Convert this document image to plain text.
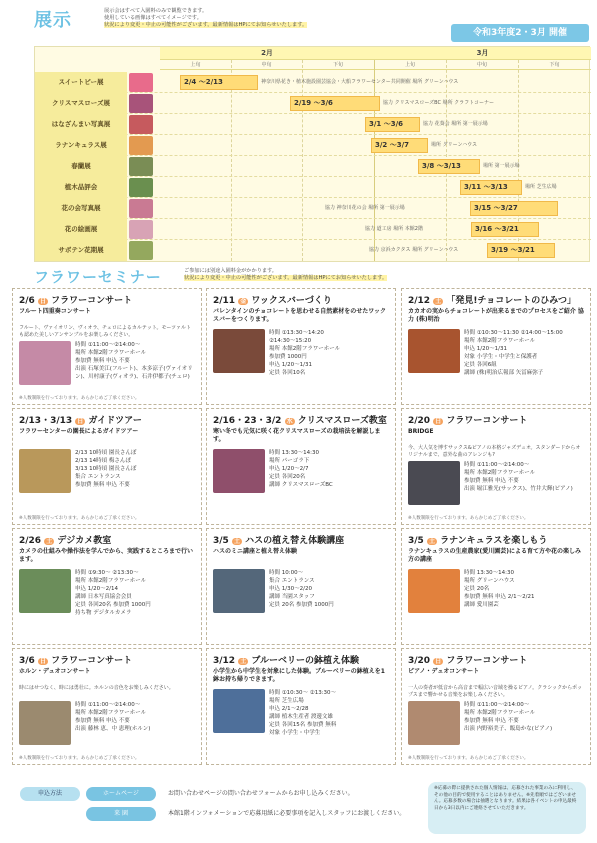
展示	展示会はすべて入園料のみで観覧できます。
使用している画像はすべてイメージです。
状況により変更・中止の可能性がございます。最新情報はHPにてお知らせいたします。
令和3年度2・3月 開催
2月	3月
上旬	中旬	下旬	上旬	中旬	下旬
スイートピー展	2/4 ～2/13	神奈川県花き・植木施設園芸協会・大船フラワーセンター共同開催 場所 グリーンハウス
クリスマスローズ展	2/19 ～3/6	協力 クリスマスローズBC 場所 クラフトコーナー
はなざんまい写真展	3/1 ～3/6	協力 花葵会 場所 第一展示場
ラナンキュラス展	3/2 ～3/7	場所 グリーンハウス
春蘭展	3/8 ～3/13	場所 第一展示場
植木品評会	3/11 ～3/13	場所 芝生広場
花の会写真展	協力 神奈川花の会 場所 第一展示場	3/15 ～3/27
花の絵画展	協力 道工房 場所 本館2階	3/16 ～3/21
サボテン花期展	協力 京浜カクタス 場所 グリーンハウス	3/19 ～3/21
フラワーセミナー	ご参加には別途入園料金がかかります。
状況により変更・中止の可能性がございます。最新情報はHPにてお知らせいたします。
2/6 日 フラワーコンサート
フルート四重奏コンサート
フルート、ヴァイオリン、ヴィオラ、チェロによるカルテット。モーツァルトも認めた美しいアンサンブルをお楽しみください。
時間 ①11:00～②14:00～
場所 本館2階フラワーホール
参加費 無料 申込 不要
出演 石塚美江(フルート)、本多涼子(ヴァイオリン)、川村康子(ヴィオラ)、石井伊都子(チェロ)
※人数制限を行っております。あらかじめご了承ください。
2/11 金 ワックスバーづくり
バレンタインのチョコレートを思わせる自然素材をのせたワックスバーをつくります。
時間 ①13:30～14:20
②14:30～15:20
場所 本館2階フラワーホール
参加費 1000円
申込 1/20～1/31
定員 各回10名
2/12 土 「発見!チョコレートのひみつ」
カカオの実からチョコレートが出来るまでのプロセスをご紹介 協力 (株)明治
時間 ①10:30～11:30 ②14:00～15:00
場所 本館2階フラワーホール
申込 1/20～1/31
対象 小学生・中学生と保護者
定員 各回6組
講師 (株)明治広報部 矢冨麻弥子
2/13・3/13 日 ガイドツアー
フラワーセンターの園長によるガイドツアー
2/13 10時頃 園長さんぽ
2/13 14時頃 梅さんぽ
3/13 10時頃 園長さんぽ
集合 エントランス
参加費 無料 申込 不要
※人数制限を行っております。あらかじめご了承ください。
2/16・23・3/2 水 クリスマスローズ教室
寒い冬でも元気に咲く花クリスマスローズの栽培法を解説します。
時間 13:30～14:30
場所 パーゴラ下
申込 1/20～2/7
定員 各回20名
講師 クリスマスローズBC
2/20 日 フラワーコンサート
BRIDGE
今、大人気を博すサックス&ピアノの本格ジャズデュオ。スタンダードからオリジナルまで、意外な曲のアレンジも?
時間 ①11:00～②14:00～
場所 本館2階フラワーホール
参加費 無料 申込 不要
出演 堀江雅光(サックス)、竹井大輝(ピアノ)
※人数制限を行っております。あらかじめご了承ください。
2/26 土 デジカメ教室
カメラの仕組みや操作法を学んでから、実践するところまで行います。
時間 ①9:30～ ②13:30～
場所 本館2階フラワーホール
申込 1/20～2/14
講師 日本写真協会会員
定員 各回20名 参加費 1000円
持ち物 デジタルカメラ
3/5 土 ハスの植え替え体験講座
ハスのミニ講座と植え替え体験
時間 10:00～
集合 エントランス
申込 1/30～2/20
講師 当園スタッフ
定員 20名 参加費 1000円
3/5 土 ラナンキュラスを楽しもう
ラナンキュラスの生産農家(愛川園芸)による育て方や花の楽しみ方の講座
時間 13:30～14:30
場所 グリーンハウス
定員 20名
参加費 無料 申込 2/1～2/21
講師 愛川園芸
3/6 日 フラワーコンサート
ホルン・デュオコンサート
時にはせつなく、時には勇壮に。ホルンの音色をお楽しみください。
時間 ①11:00～②14:00～
場所 本館2階フラワーホール
参加費 無料 申込 不要
出演 藤林 恵、中 恵理(ホルン)
※人数制限を行っております。あらかじめご了承ください。
3/12 土 ブルーベリーの鉢植え体験
小学生から中学生を対象にした体験。ブルーベリーの鉢植えを1鉢お持ち帰りできます。
時間 ①10:30～ ②13:30～
場所 芝生広場
申込 2/1～2/28
講師 植木生産者 渡邊文雄
定員 各回15名 参加費 無料
対象 小学生・中学生
3/20 日 フラワーコンサート
ピアノ・デュオコンサート
一人の奏者が低音から高音まで幅広い音域を操るピアノ。クラシックからポップスまで響かせる音楽をお楽しみください。
時間 ①11:00～②14:00～
場所 本館2階フラワーホール
参加費 無料 申込 不要
出演 内野裕美子、飯島かな(ピアノ)
※人数制限を行っております。あらかじめご了承ください。
申込方法	ホームページ	お問い合わせページの問い合わせフォームからお申し込みください。
来 園	本館1階インフォメーションで応募用紙に必要事項を記入しスタッフにお渡しください。
※応募の際に提供された個人情報は、応募された事業のみに利用し、その他の目的で使用することはありません。※先着順ではございません。応募多数の場合は抽選となります。結果は各イベントの申込最終日から3日以内にご連絡させていただきます。
